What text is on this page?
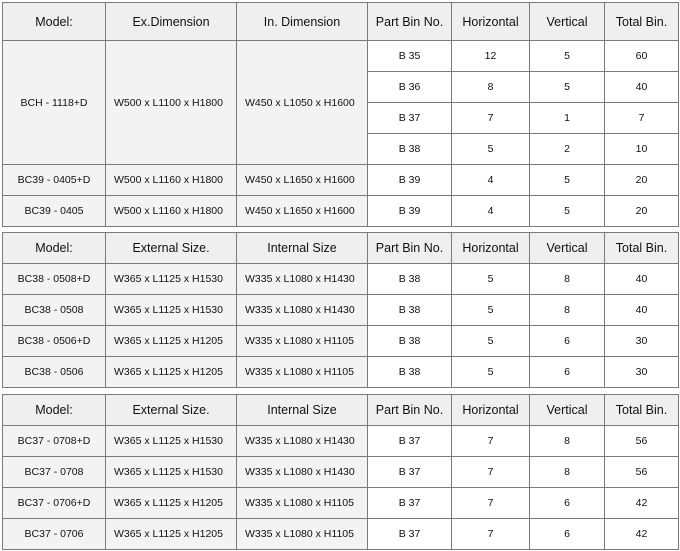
Model:	Ex.Dimension	In. Dimension	Part Bin No.	Horizontal	Vertical	Total Bin.
BCH - 1118+D	W500 x L1100 x H1800	W450 x L1050 x H1600	B 35	12	5	60
			B 36	8	5	40
			B 37	7	1	7
			B 38	5	2	10
BC39 - 0405+D	W500 x L1160 x H1800	W450 x L1650 x H1600	B 39	4	5	20
BC39 - 0405	W500 x L1160 x H1800	W450 x L1650 x H1600	B 39	4	5	20
Model:	External Size.	Internal Size	Part Bin No.	Horizontal	Vertical	Total Bin.
BC38 - 0508+D	W365 x L1125 x H1530	W335 x L1080 x H1430	B 38	5	8	40
BC38 - 0508	W365 x L1125 x H1530	W335 x L1080 x H1430	B 38	5	8	40
BC38 - 0506+D	W365 x L1125 x H1205	W335 x L1080 x H1105	B 38	5	6	30
BC38 - 0506	W365 x L1125 x H1205	W335 x L1080 x H1105	B 38	5	6	30
Model:	External Size.	Internal Size	Part Bin No.	Horizontal	Vertical	Total Bin.
BC37 - 0708+D	W365 x L1125 x H1530	W335 x L1080 x H1430	B 37	7	8	56
BC37 - 0708	W365 x L1125 x H1530	W335 x L1080 x H1430	B 37	7	8	56
BC37 - 0706+D	W365 x L1125 x H1205	W335 x L1080 x H1105	B 37	7	6	42
BC37 - 0706	W365 x L1125 x H1205	W335 x L1080 x H1105	B 37	7	6	42
